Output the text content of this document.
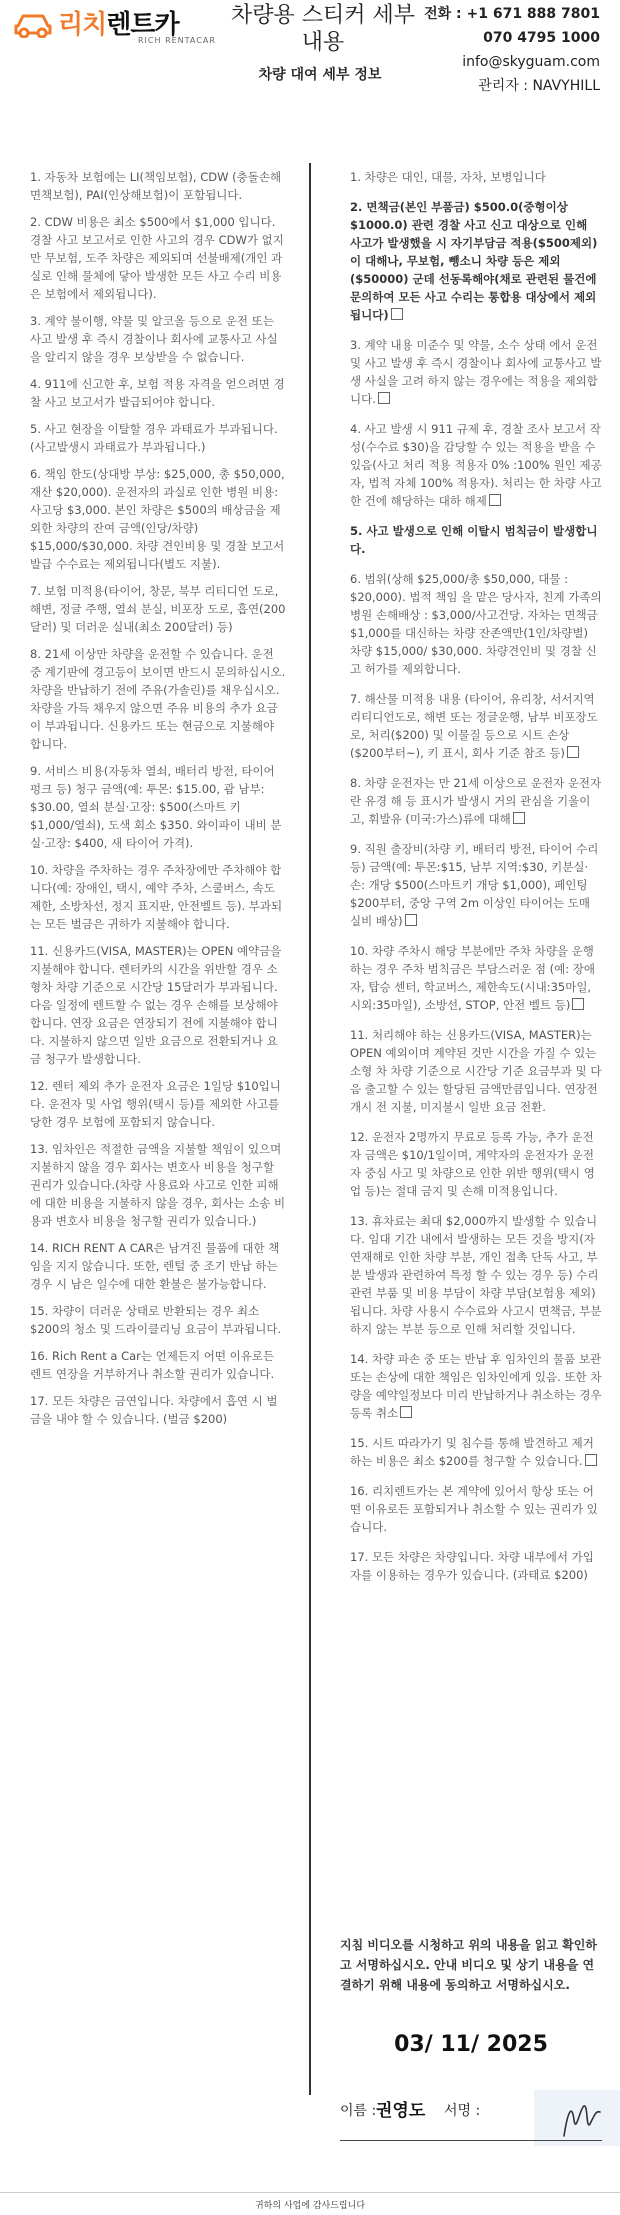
리치렌트카
RICH RENTACAR
차량용 스티커 세부 내용
차량 대여 세부 정보
전화 : +1 671 888 7801
070 4795 1000
info@skyguam.com
관리자 : NAVYHILL

1. 자동차 보험에는 LI(책임보험), CDW (충돌손해면책보험), PAI(인상해보험)이 포함됩니다.

2. CDW 비용은 최소 $500에서 $1,000 입니다. 경찰 사고 보고서로 인한 사고의 경우 CDW가 없지만 무보험, 도주 차량은 제외되며 선불배제(개인 과실로 인해 물체에 닿아 발생한 모든 사고 수리 비용은 보험에서 제외됩니다).

3. 계약 불이행, 약물 및 알코올 등으로 운전 또는 사고 발생 후 즉시 경찰이나 회사에 교통사고 사실을 알리지 않을 경우 보상받을 수 없습니다.

4. 911에 신고한 후, 보험 적용 자격을 얻으려면 경찰 사고 보고서가 발급되어야 합니다.

5. 사고 현장을 이탈할 경우 과태료가 부과됩니다.(사고발생시 과태료가 부과됩니다.)

6. 책임 한도(상대방 부상: $25,000, 총 $50,000, 재산 $20,000). 운전자의 과실로 인한 병원 비용: 사고당 $3,000. 본인 차량은 $500의 배상금을 제외한 차량의 잔여 금액(인당/차량) $15,000/$30,000. 차량 견인비용 및 경찰 보고서 발급 수수료는 제외됩니다(별도 지불).

7. 보험 미적용(타이어, 창문, 북부 리티디언 도로, 해변, 정글 주행, 열쇠 분실, 비포장 도로, 흡연(200달러) 및 더러운 실내(최소 200달러) 등)

8. 21세 이상만 차량을 운전할 수 있습니다. 운전 중 계기판에 경고등이 보이면 반드시 문의하십시오. 차량을 반납하기 전에 주유(가솔린)를 채우십시오. 차량을 가득 채우지 않으면 주유 비용의 추가 요금이 부과됩니다. 신용카드 또는 현금으로 지불해야 합니다.

9. 서비스 비용(자동차 열쇠, 배터리 방전, 타이어 펑크 등) 청구 금액(예: 투몬: $15.00, 괌 남부: $30.00, 열쇠 분실·고장: $500(스마트 키 $1,000/열쇠), 도색 회소 $350. 와이파이 내비 분실·고장: $400, 새 타이어 가격).

10. 차량을 주차하는 경우 주차장에만 주차해야 합니다(예: 장애인, 택시, 예약 주차, 스쿨버스, 속도 제한, 소방차선, 정지 표지판, 안전벨트 등). 부과되는 모든 벌금은 귀하가 지불해야 합니다.

11. 신용카드(VISA, MASTER)는 OPEN 예약금을 지불해야 합니다. 렌터카의 시간을 위반할 경우 소형차 차량 기준으로 시간당 15달러가 부과됩니다. 다음 일정에 렌트할 수 없는 경우 손해를 보상해야 합니다. 연장 요금은 연장되기 전에 지불해야 합니다. 지불하지 않으면 일반 요금으로 전환되거나 요금 청구가 발생합니다.

12. 렌터 제외 추가 운전자 요금은 1일당 $10입니다. 운전자 및 사업 행위(택시 등)를 제외한 사고를 당한 경우 보험에 포함되지 않습니다.

13. 임차인은 적절한 금액을 지불할 책임이 있으며 지불하지 않을 경우 회사는 변호사 비용을 청구할 권리가 있습니다.(차량 사용료와 사고로 인한 피해에 대한 비용을 지불하지 않을 경우, 회사는 소송 비용과 변호사 비용을 청구할 권리가 있습니다.)

14. RICH RENT A CAR은 남겨진 물품에 대한 책임을 지지 않습니다. 또한, 렌털 중 조기 반납 하는 경우 시 남은 일수에 대한 환불은 불가능합니다.

15. 차량이 더러운 상태로 반환되는 경우 최소 $200의 청소 및 드라이클리닝 요금이 부과됩니다.

16. Rich Rent a Car는 언제든지 어떤 이유로든 렌트 연장을 거부하거나 취소할 권리가 있습니다.

17. 모든 차량은 금연입니다. 차량에서 흡연 시 벌금을 내야 할 수 있습니다. (벌금 $200)

1. 차량은 대인, 대물, 자차, 보병입니다

2. 면책금(본인 부품금) $500.0(중형이상 $1000.0) 관련 경찰 사고 신고 대상으로 인해 사고가 발생했을 시 자기부담금 적용($500제외) 이 대해나, 무보험, 뺑소니 차량 등은 제외($50000) 군데 선동록해야(채로 관련된 물건에 문의하여 모든 사고 수리는 통합용 대상에서 제외됩니다)

3. 계약 내용 미준수 및 약물, 소수 상태 에서 운전 및 사고 발생 후 즉시 경찰이나 회사에 교통사고 발생 사실을 고려 하지 않는 경우에는 적용을 제외합니다.

4. 사고 발생 시 911 규제 후, 경찰 조사 보고서 작성(수수료 $30)을 감당할 수 있는 적용을 받을 수 있음(사고 처리 적용 적용자 0% :100% 원인 제공자, 법적 자체 100% 적용자). 처리는 한 차량 사고 한 건에 해당하는 대하 해제

5. 사고 발생으로 인해 이탈시 범칙금이 발생합니다.

6. 범위(상해 $25,000/총 $50,000, 대물 : $20,000). 법적 책임 을 맡은 당사자, 친계 가족의 병원 손해배상 : $3,000/사고건당. 자차는 면책금 $1,000를 대신하는 차량 잔존액만(1인/차량별) 차량 $15,000/ $30,000. 차량견인비 및 경찰 신고 허가를 제외합니다.

7. 해산물 미적용 내용 (타이어, 유리창, 서서지역 리티디언도로, 해변 또는 정글운행, 남부 비포장도로, 처리($200) 및 이물질 등으로 시트 손상 ($200부터~), 키 표시, 회사 기준 참조 등)

8. 차량 운전자는 만 21세 이상으로 운전자 운전자 란 유경 해 등 표시가 발생시 거의 관심을 기울이고, 휘발유 (미국:가스)류에 대해

9. 직원 출장비(차량 키, 배터리 방전, 타이어 수리 등) 금액(예: 투몬:$15, 남부 지역:$30, 키분실·손: 개당 $500(스마트키 개당 $1,000), 페인팅 $200부터, 중앙 구역 2m 이상인 타이어는 도매 실비 배상)

10. 차량 주차시 해당 부분에만 주차 차량을 운행하는 경우 주차 범칙금은 부담스러운 점 (예: 장애자, 탑승 센터, 학교버스, 제한속도(시내:35마일, 시외:35마일), 소방선, STOP, 안전 벨트 등)

11. 처리해야 하는 신용카드(VISA, MASTER)는 OPEN 예외이며 계약된 것만 시간을 가질 수 있는 소형 차 차량 기준으로 시간당 기준 요금부과 및 다음 출고할 수 있는 할당된 금액만큼입니다. 연장전 개시 전 지불, 미지불시 일반 요금 전환.

12. 운전자 2명까지 무료로 등록 가능, 추가 운전자 금액은 $10/1일이며, 계약자의 운전자가 운전자 중심 사고 및 차량으로 인한 위반 행위(택시 영업 등)는 절대 금지 및 손해 미적용입니다.

13. 휴차료는 최대 $2,000까지 발생할 수 있습니다. 임대 기간 내에서 발생하는 모든 것을 방지(자연재해로 인한 차량 부분, 개인 접촉 단독 사고, 부분 발생과 관련하여 특정 할 수 있는 경우 등) 수리 관련 부품 및 비용 부담이 차량 부담(보험용 제외)됩니다. 차량 사용시 수수료와 사고시 면책금, 부분하지 않는 부분 등으로 인해 처리할 것입니다.

14. 차량 파손 중 또는 반납 후 임차인의 물품 보관 또는 손상에 대한 책임은 임차인에게 있음. 또한 차량을 예약일정보다 미리 반납하거나 취소하는 경우 등록 취소

15. 시트 따라가기 및 침수를 통해 발견하고 제거하는 비용은 최소 $200를 청구할 수 있습니다.

16. 리치렌트카는 본 계약에 있어서 항상 또는 어떤 이유로든 포함되거나 취소할 수 있는 권리가 있습니다.

17. 모든 차량은 차량입니다. 차량 내부에서 가입자를 이용하는 경우가 있습니다. (과태료 $200)

지침 비디오를 시청하고 위의 내용을 읽고 확인하고 서명하십시오. 안내 비디오 및 상기 내용을 연결하기 위해 내용에 동의하고 서명하십시오.
03/ 11/ 2025
이름 : 권영도 서명 :
귀하의 사업에 감사드립니다
